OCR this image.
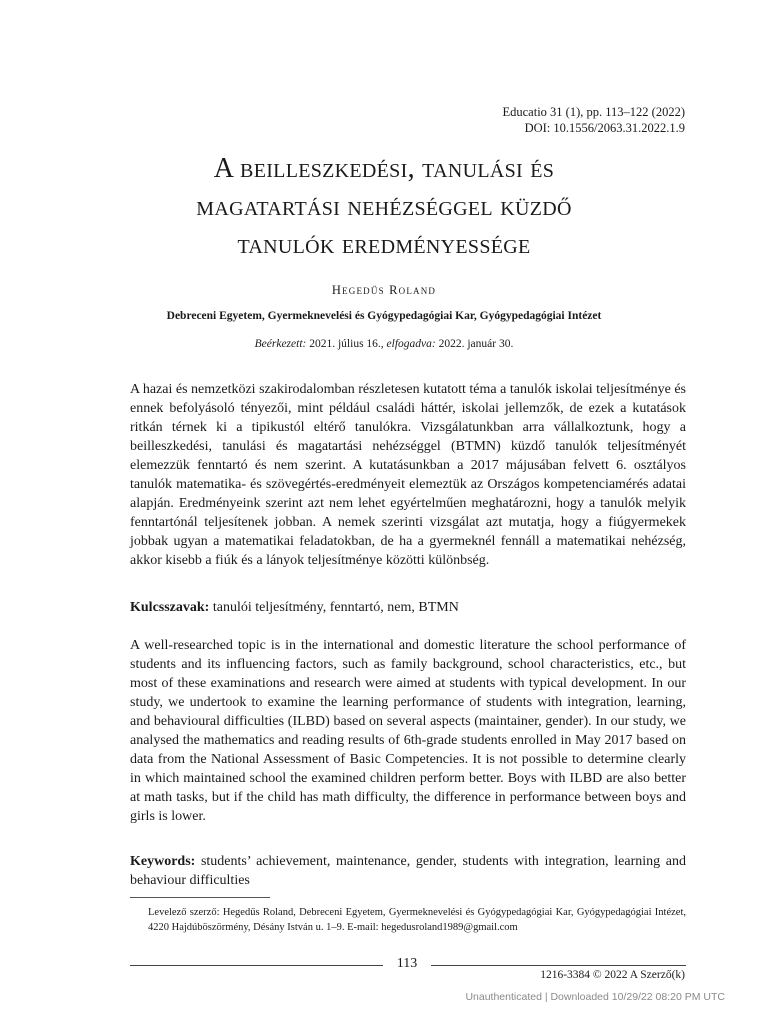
Educatio 31 (1), pp. 113–122 (2022)
DOI: 10.1556/2063.31.2022.1.9
A beilleszkedési, tanulási és
magatartási nehézséggel küzdő
tanulók eredményessége
Hegedűs Roland
Debreceni Egyetem, Gyermeknevelési és Gyógypedagógiai Kar, Gyógypedagógiai Intézet
Beérkezett: 2021. július 16., elfogadva: 2022. január 30.

A hazai és nemzetközi szakirodalomban részletesen kutatott téma a tanulók iskolai teljesítménye és ennek befolyásoló tényezői, mint például családi háttér, iskolai jellemzők, de ezek a kutatások ritkán térnek ki a tipikustól eltérő tanulókra. Vizsgálatunkban arra vállalkoztunk, hogy a beilleszkedési, tanulási és magatartási nehézséggel (BTMN) küzdő tanulók teljesítményét elemezzük fenntartó és nem szerint. A kutatásunkban a 2017 májusában felvett 6. osztályos tanulók matematika- és szövegértés-eredményeit elemeztük az Országos kompetenciamérés adatai alapján. Eredményeink szerint azt nem lehet egyértelműen meghatározni, hogy a tanulók melyik fenntartónál teljesítenek jobban. A nemek szerinti vizsgálat azt mutatja, hogy a fiúgyermekek jobbak ugyan a matematikai feladatokban, de ha a gyermeknél fennáll a matematikai nehézség, akkor kisebb a fiúk és a lányok teljesítménye közötti különbség.

Kulcsszavak: tanulói teljesítmény, fenntartó, nem, BTMN

A well-researched topic is in the international and domestic literature the school performance of students and its influencing factors, such as family background, school characteristics, etc., but most of these examinations and research were aimed at students with typical development. In our study, we undertook to examine the learning performance of students with integration, learning, and behavioural difficulties (ILBD) based on several aspects (maintainer, gender). In our study, we analysed the mathematics and reading results of 6th-grade students enrolled in May 2017 based on data from the National Assessment of Basic Competencies. It is not possible to determine clearly in which maintained school the examined children perform better. Boys with ILBD are also better at math tasks, but if the child has math difficulty, the difference in performance between boys and girls is lower.

Keywords: students’ achievement, maintenance, gender, students with integration, learning and behaviour difficulties

Levelező szerző: Hegedűs Roland, Debreceni Egyetem, Gyermeknevelési és Gyógypedagógiai Kar, Gyógypedagógiai Intézet, 4220 Hajdúböszörmény, Désány István u. 1–9. E-mail: hegedusroland1989@gmail.com
113
1216-3384 © 2022 A Szerző(k)
Unauthenticated | Downloaded 10/29/22 08:20 PM UTC
